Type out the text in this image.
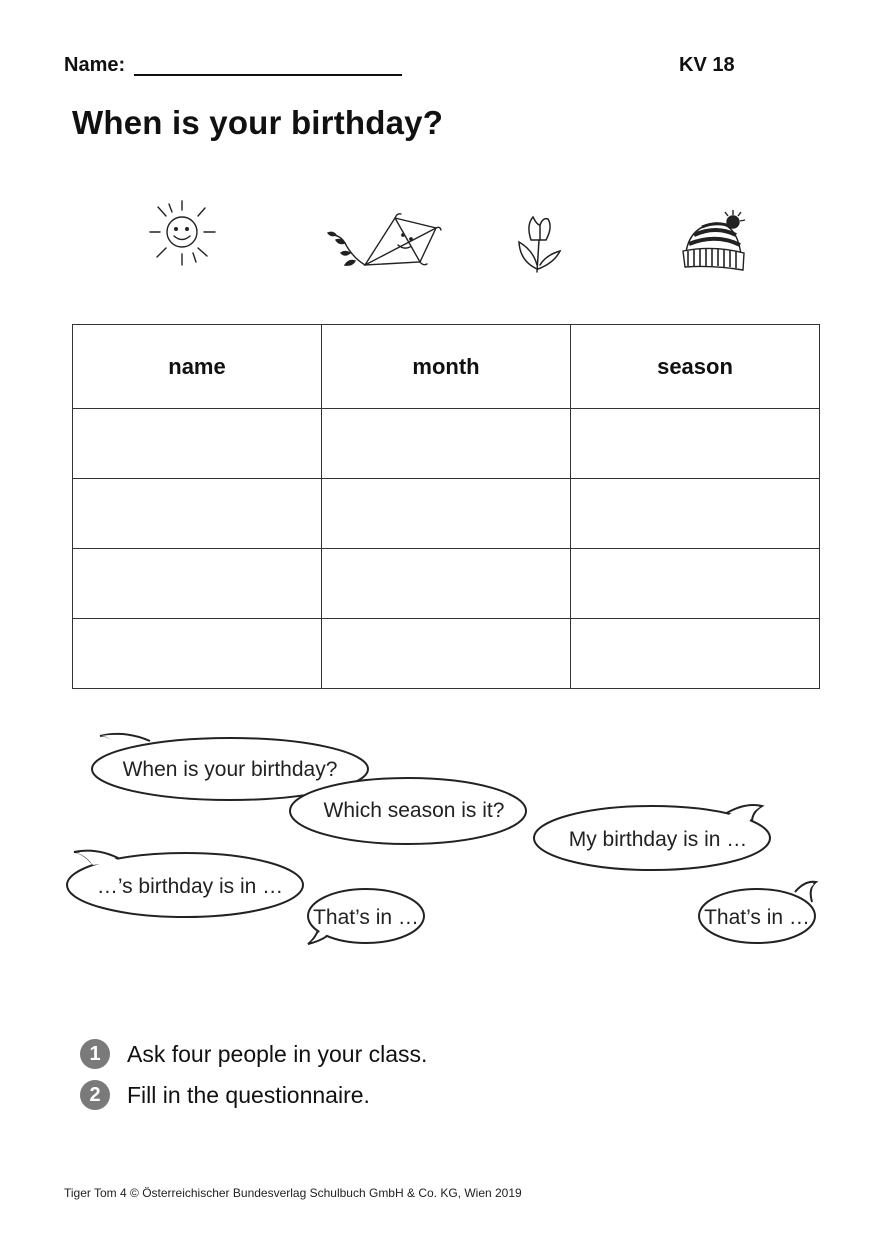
Name:	KV 18
When is your birthday?
name	month	season

When is your birthday?
Which season is it?
My birthday is in …
…’s birthday is in …
That’s in …	That’s in …
1	Ask four people in your class.
2	Fill in the questionnaire.
Tiger Tom 4 © Österreichischer Bundesverlag Schulbuch GmbH & Co. KG, Wien 2019
